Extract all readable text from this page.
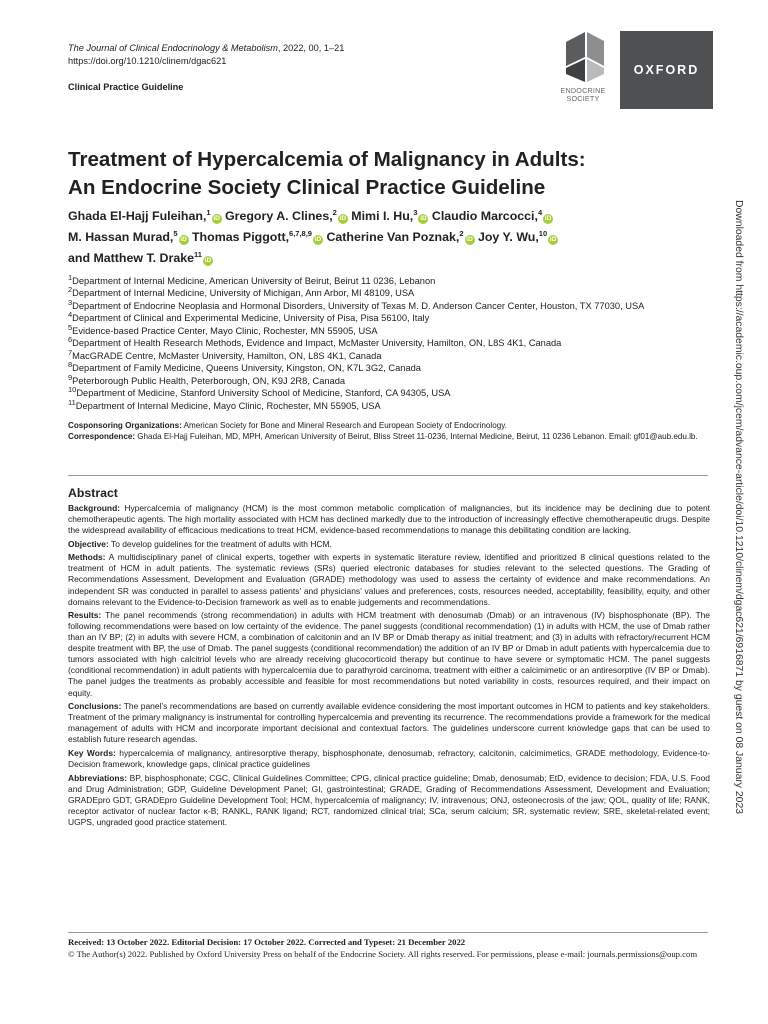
The Journal of Clinical Endocrinology & Metabolism, 2022, 00, 1–21
https://doi.org/10.1210/clinem/dgac621
Clinical Practice Guideline	ENDOCRINE SOCIETY
OXFORD
Treatment of Hypercalcemia of Malignancy in Adults:
An Endocrine Society Clinical Practice Guideline
Ghada El-Hajj Fuleihan,$^1$iD Gregory A. Clines,$^2$iD Mimi I. Hu,$^3$iD Claudio Marcocci,$^4$iD
M. Hassan Murad,$^5$iD Thomas Piggott,$^{6,7,8,9}$iD Catherine Van Poznak,$^2$iD Joy Y. Wu,$^{10}$iD
and Matthew T. Drake$^{11}$iD
$^1$Department of Internal Medicine, American University of Beirut, Beirut 11 0236, Lebanon
$^2$Department of Internal Medicine, University of Michigan, Ann Arbor, MI 48109, USA
$^3$Department of Endocrine Neoplasia and Hormonal Disorders, University of Texas M. D. Anderson Cancer Center, Houston, TX 77030, USA
$^4$Department of Clinical and Experimental Medicine, University of Pisa, Pisa 56100, Italy
$^5$Evidence-based Practice Center, Mayo Clinic, Rochester, MN 55905, USA
$^6$Department of Health Research Methods, Evidence and Impact, McMaster University, Hamilton, ON, L8S 4K1, Canada
$^7$MacGRADE Centre, McMaster University, Hamilton, ON, L8S 4K1, Canada
$^8$Department of Family Medicine, Queens University, Kingston, ON, K7L 3G2, Canada
$^9$Peterborough Public Health, Peterborough, ON, K9J 2R8, Canada
$^{10}$Department of Medicine, Stanford University School of Medicine, Stanford, CA 94305, USA
$^{11}$Department of Internal Medicine, Mayo Clinic, Rochester, MN 55905, USA
Cosponsoring Organizations: American Society for Bone and Mineral Research and European Society of Endocrinology.
Correspondence: Ghada El-Hajj Fuleihan, MD, MPH, American University of Beirut, Bliss Street 11-0236, Internal Medicine, Beirut, 11 0236 Lebanon. Email: gf01@aub.edu.lb.
Abstract

Background: Hypercalcemia of malignancy (HCM) is the most common metabolic complication of malignancies, but its incidence may be declining due to potent chemotherapeutic agents. The high mortality associated with HCM has declined markedly due to the introduction of increasingly effective chemotherapeutic drugs. Despite the widespread availability of efficacious medications to treat HCM, evidence-based recommendations to manage this debilitating condition are lacking.

Objective: To develop guidelines for the treatment of adults with HCM.

Methods: A multidisciplinary panel of clinical experts, together with experts in systematic literature review, identified and prioritized 8 clinical questions related to the treatment of HCM in adult patients. The systematic reviews (SRs) queried electronic databases for studies relevant to the selected questions. The Grading of Recommendations Assessment, Development and Evaluation (GRADE) methodology was used to assess the certainty of evidence and make recommendations. An independent SR was conducted in parallel to assess patients’ and physicians’ values and preferences, costs, resources needed, acceptability, feasibility, equity, and other domains relevant to the Evidence-to-Decision framework as well as to enable judgements and recommendations.

Results: The panel recommends (strong recommendation) in adults with HCM treatment with denosumab (Dmab) or an intravenous (IV) bisphosphonate (BP). The following recommendations were based on low certainty of the evidence. The panel suggests (conditional recommendation) (1) in adults with HCM, the use of Dmab rather than an IV BP; (2) in adults with severe HCM, a combination of calcitonin and an IV BP or Dmab therapy as initial treatment; and (3) in adults with refractory/recurrent HCM despite treatment with BP, the use of Dmab. The panel suggests (conditional recommendation) the addition of an IV BP or Dmab in adult patients with hypercalcemia due to tumors associated with high calcitriol levels who are already receiving glucocorticoid therapy but continue to have severe or symptomatic HCM. The panel suggests (conditional recommendation) in adult patients with hypercalcemia due to parathyroid carcinoma, treatment with either a calcimimetic or an antiresorptive (IV BP or Dmab). The panel judges the treatments as probably accessible and feasible for most recommendations but noted variability in costs, resources required, and their impact on equity.

Conclusions: The panel’s recommendations are based on currently available evidence considering the most important outcomes in HCM to patients and key stakeholders. Treatment of the primary malignancy is instrumental for controlling hypercalcemia and preventing its recurrence. The recommendations provide a framework for the medical management of adults with HCM and incorporate important decisional and contextual factors. The guidelines underscore current knowledge gaps that can be used to establish future research agendas.

Key Words: hypercalcemia of malignancy, antiresorptive therapy, bisphosphonate, denosumab, refractory, calcitonin, calcimimetics, GRADE methodology, Evidence-to-Decision framework, knowledge gaps, clinical practice guidelines

Abbreviations: BP, bisphosphonate; CGC, Clinical Guidelines Committee; CPG, clinical practice guideline; Dmab, denosumab; EtD, evidence to decision; FDA, U.S. Food and Drug Administration; GDP, Guideline Development Panel; GI, gastrointestinal; GRADE, Grading of Recommendations Assessment, Development and Evaluation; GRADEpro GDT, GRADEpro Guideline Development Tool; HCM, hypercalcemia of malignancy; IV, intravenous; ONJ, osteonecrosis of the jaw; QOL, quality of life; RANK, receptor activator of nuclear factor κ-B; RANKL, RANK ligand; RCT, randomized clinical trial; SCa, serum calcium; SR, systematic review; SRE, skeletal-related event; UGPS, ungraded good practice statement.

Received: 13 October 2022. Editorial Decision: 17 October 2022. Corrected and Typeset: 21 December 2022
© The Author(s) 2022. Published by Oxford University Press on behalf of the Endocrine Society. All rights reserved. For permissions, please e-mail: journals.permissions@oup.com
Downloaded from https://academic.oup.com/jcem/advance-article/doi/10.1210/clinem/dgac621/6916871 by guest on 08 January 2023
